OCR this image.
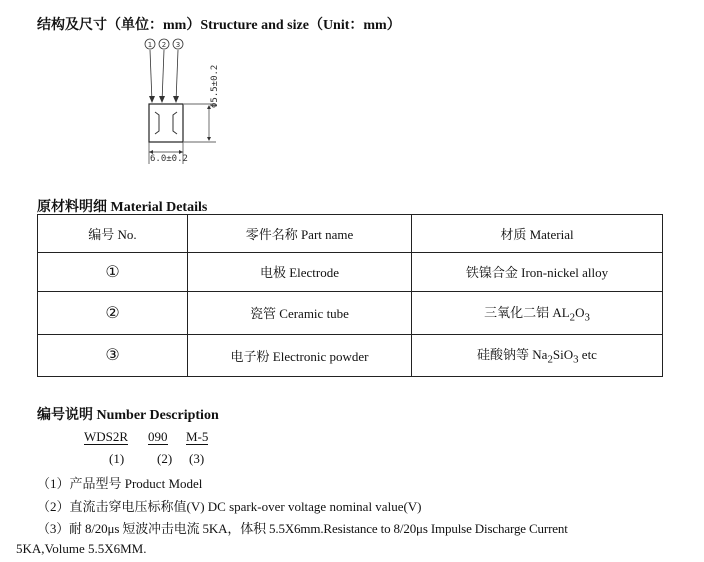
结构及尺寸（单位：mm）Structure and size（Unit：mm）
1 2 3
Φ5.5±0.2
6.0±0.2
原材料明细 Material Details
编号 No.	零件名称 Part name	材质 Material
①	电极 Electrode	铁镍合金 Iron-nickel alloy
②	瓷管 Ceramic tube	三氧化二铝 $AL_2O_3$
③	电子粉 Electronic powder	硅酸钠等 $Na_2SiO_3$ etc
编号说明 Number Description
WDS2R 090 M-5
(1)	(2) (3)
（1）产品型号 Product Model
（2）直流击穿电压标称值(V) DC spark-over voltage nominal value(V)
（3）耐 8/20μs 短波冲击电流 5KA，体积 5.5X6mm.Resistance to 8/20μs Impulse Discharge Current
5KA,Volume 5.5X6MM.
